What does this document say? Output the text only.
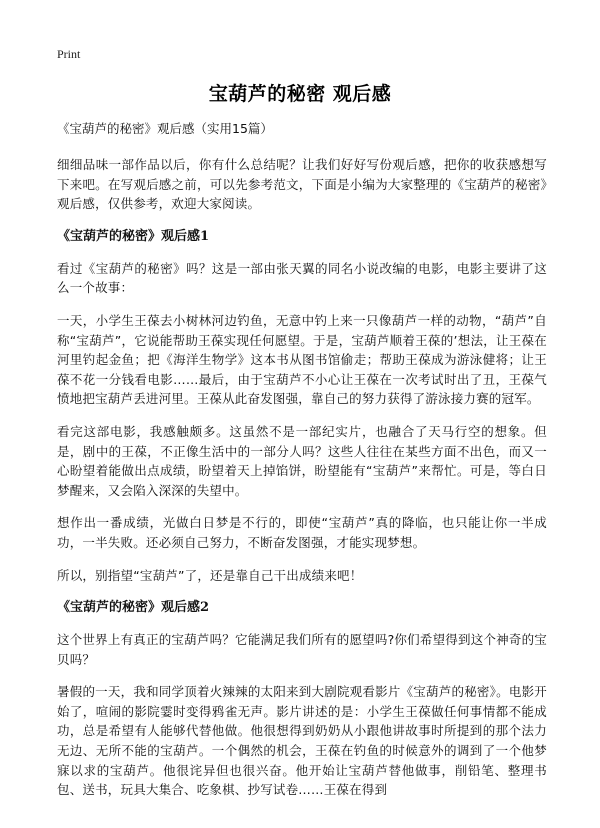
Print
宝葫芦的秘密 观后感

《宝葫芦的秘密》观后感（实用15篇）

细细品味一部作品以后，你有什么总结呢？让我们好好写份观后感，把你的收获感想写下来吧。在写观后感之前，可以先参考范文，下面是小编为大家整理的《宝葫芦的秘密》观后感，仅供参考，欢迎大家阅读。

《宝葫芦的秘密》观后感1

看过《宝葫芦的秘密》吗？这是一部由张天翼的同名小说改编的电影，电影主要讲了这么一个故事：

一天，小学生王葆去小树林河边钓鱼，无意中钓上来一只像葫芦一样的动物，“葫芦”自称“宝葫芦”，它说能帮助王葆实现任何愿望。于是，宝葫芦顺着王葆的’想法，让王葆在河里钓起金鱼；把《海洋生物学》这本书从图书馆偷走；帮助王葆成为游泳健将；让王葆不花一分钱看电影……最后，由于宝葫芦不小心让王葆在一次考试时出了丑，王葆气愤地把宝葫芦丢进河里。王葆从此奋发图强，靠自己的努力获得了游泳接力赛的冠军。

看完这部电影，我感触颇多。这虽然不是一部纪实片，也融合了天马行空的想象。但是，剧中的王葆，不正像生活中的一部分人吗？这些人往往在某些方面不出色，而又一心盼望着能做出点成绩，盼望着天上掉馅饼，盼望能有“宝葫芦”来帮忙。可是，等白日梦醒来，又会陷入深深的失望中。

想作出一番成绩，光做白日梦是不行的，即使“宝葫芦”真的降临，也只能让你一半成功，一半失败。还必须自己努力，不断奋发图强，才能实现梦想。

所以，别指望“宝葫芦”了，还是靠自己干出成绩来吧！

《宝葫芦的秘密》观后感2

这个世界上有真正的宝葫芦吗？它能满足我们所有的愿望吗?你们希望得到这个神奇的宝贝吗？

暑假的一天，我和同学顶着火辣辣的太阳来到大剧院观看影片《宝葫芦的秘密》。电影开始了，喧闹的影院霎时变得鸦雀无声。影片讲述的是：小学生王葆做任何事情都不能成功，总是希望有人能够代替他做。他很想得到奶奶从小跟他讲故事时所提到的那个法力无边、无所不能的宝葫芦。一个偶然的机会，王葆在钓鱼的时候意外的调到了一个他梦寐以求的宝葫芦。他很诧异但也很兴奋。他开始让宝葫芦替他做事，削铅笔、整理书包、送书，玩具大集合、吃象棋、抄写试卷……王葆在得到
